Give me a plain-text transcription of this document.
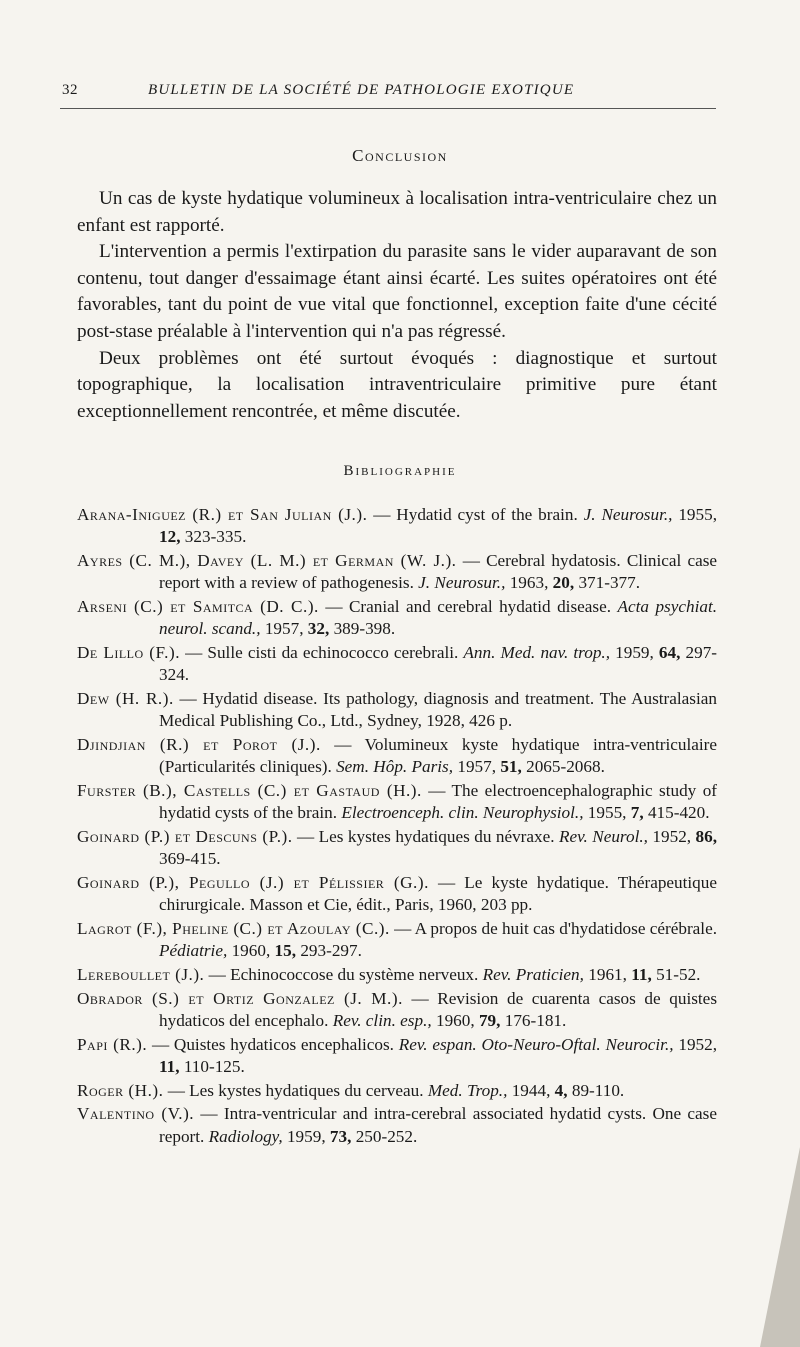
32	BULLETIN DE LA SOCIÉTÉ DE PATHOLOGIE EXOTIQUE
Conclusion

Un cas de kyste hydatique volumineux à localisation intra-ventriculaire chez un enfant est rapporté.

L'intervention a permis l'extirpation du parasite sans le vider auparavant de son contenu, tout danger d'essaimage étant ainsi écarté. Les suites opératoires ont été favorables, tant du point de vue vital que fonctionnel, exception faite d'une cécité post-stase préalable à l'intervention qui n'a pas régressé.

Deux problèmes ont été surtout évoqués : diagnostique et surtout topographique, la localisation intraventriculaire primitive pure étant exceptionnellement rencontrée, et même discutée.

Bibliographie

Arana-Iniguez (R.) et San Julian (J.). — Hydatid cyst of the brain. J. Neurosur., 1955, 12, 323-335.

Ayres (C. M.), Davey (L. M.) et German (W. J.). — Cerebral hydatosis. Clinical case report with a review of pathogenesis. J. Neurosur., 1963, 20, 371-377.

Arseni (C.) et Samitca (D. C.). — Cranial and cerebral hydatid disease. Acta psychiat. neurol. scand., 1957, 32, 389-398.

De Lillo (F.). — Sulle cisti da echinococco cerebrali. Ann. Med. nav. trop., 1959, 64, 297-324.

Dew (H. R.). — Hydatid disease. Its pathology, diagnosis and treatment. The Australasian Medical Publishing Co., Ltd., Sydney, 1928, 426 p.

Djindjian (R.) et Porot (J.). — Volumineux kyste hydatique intra-ventriculaire (Particularités cliniques). Sem. Hôp. Paris, 1957, 51, 2065-2068.

Furster (B.), Castells (C.) et Gastaud (H.). — The electroencephalographic study of hydatid cysts of the brain. Electroenceph. clin. Neurophysiol., 1955, 7, 415-420.

Goinard (P.) et Descuns (P.). — Les kystes hydatiques du névraxe. Rev. Neurol., 1952, 86, 369-415.

Goinard (P.), Pegullo (J.) et Pélissier (G.). — Le kyste hydatique. Thérapeutique chirurgicale. Masson et Cie, édit., Paris, 1960, 203 pp.

Lagrot (F.), Pheline (C.) et Azoulay (C.). — A propos de huit cas d'hydatidose cérébrale. Pédiatrie, 1960, 15, 293-297.

Lereboullet (J.). — Echinococcose du système nerveux. Rev. Praticien, 1961, 11, 51-52.

Obrador (S.) et Ortiz Gonzalez (J. M.). — Revision de cuarenta casos de quistes hydaticos del encephalo. Rev. clin. esp., 1960, 79, 176-181.

Papi (R.). — Quistes hydaticos encephalicos. Rev. espan. Oto-Neuro-Oftal. Neurocir., 1952, 11, 110-125.

Roger (H.). — Les kystes hydatiques du cerveau. Med. Trop., 1944, 4, 89-110.

Valentino (V.). — Intra-ventricular and intra-cerebral associated hydatid cysts. One case report. Radiology, 1959, 73, 250-252.
